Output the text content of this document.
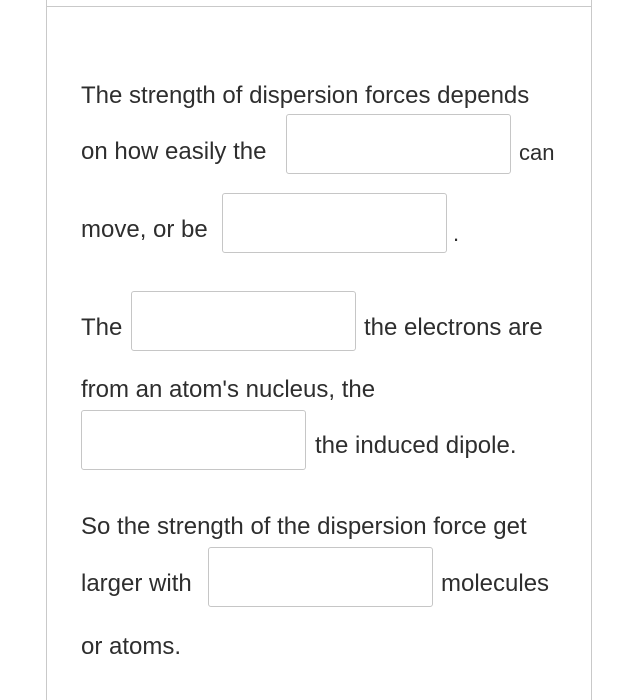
The strength of dispersion forces depends
on how easily the	can
move, or be	.
The	the electrons are
from an atom's nucleus, the
the induced dipole.
So the strength of the dispersion force get
larger with	molecules
or atoms.
